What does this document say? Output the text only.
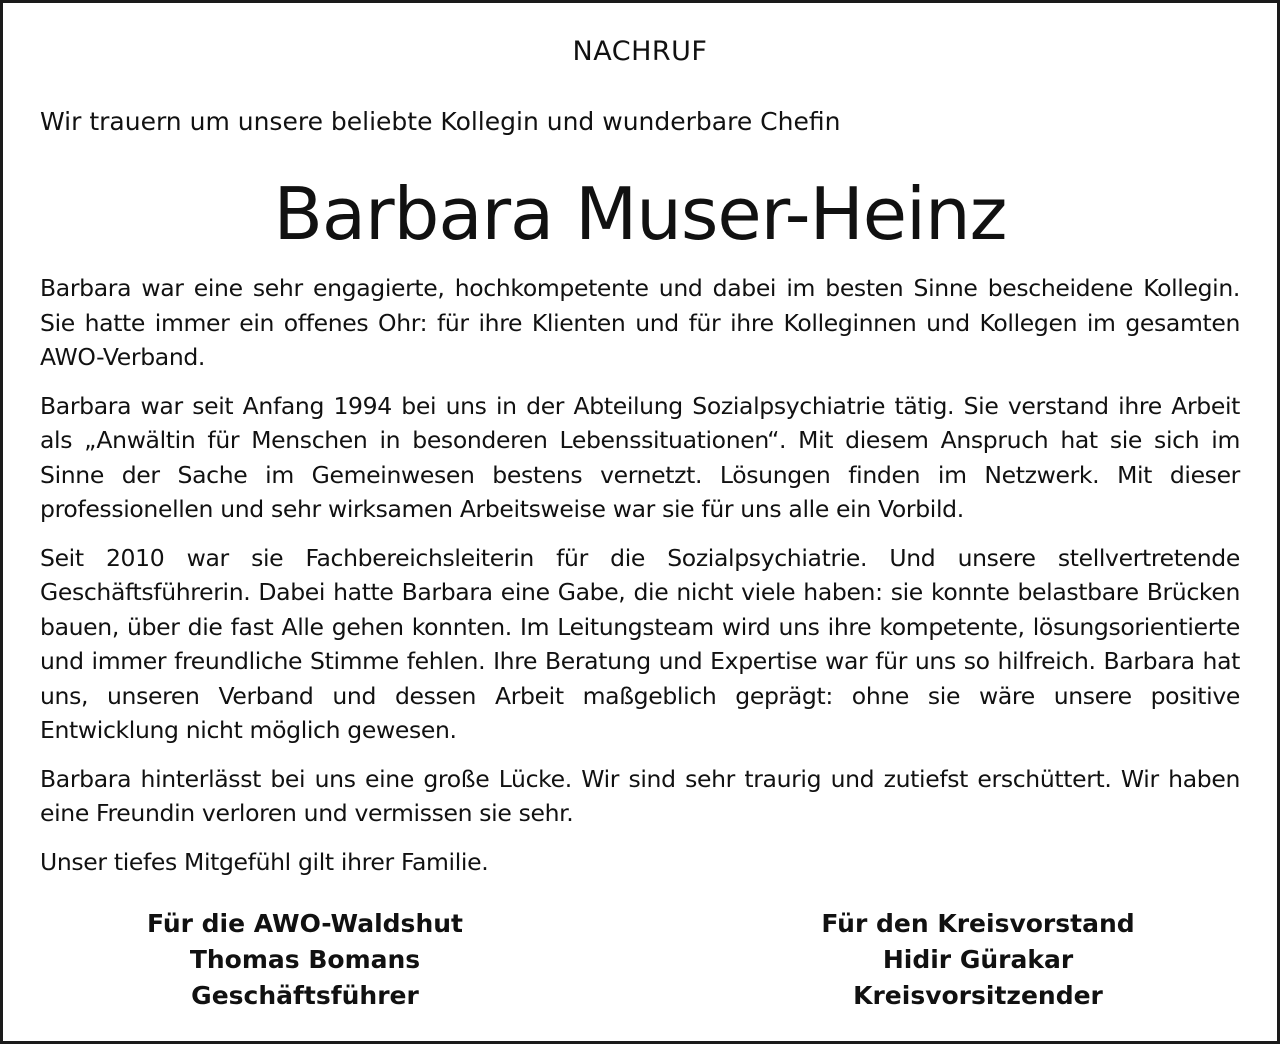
NACHRUF
Wir trauern um unsere beliebte Kollegin und wunderbare Chefin
Barbara Muser-Heinz

Barbara war eine sehr engagierte, hochkompetente und dabei im besten Sinne bescheidene Kollegin. Sie hatte immer ein offenes Ohr: für ihre Klienten und für ihre Kolleginnen und Kollegen im gesamten AWO-Verband.

Barbara war seit Anfang 1994 bei uns in der Abteilung Sozialpsychiatrie tätig. Sie verstand ihre Arbeit als „Anwältin für Menschen in besonderen Lebenssituationen“. Mit diesem Anspruch hat sie sich im Sinne der Sache im Gemeinwesen bestens vernetzt. Lösungen finden im Netzwerk. Mit dieser professionellen und sehr wirksamen Arbeitsweise war sie für uns alle ein Vorbild.

Seit 2010 war sie Fachbereichsleiterin für die Sozialpsychiatrie. Und unsere stellvertretende Geschäftsführerin. Dabei hatte Barbara eine Gabe, die nicht viele haben: sie konnte belastbare Brücken bauen, über die fast Alle gehen konnten. Im Leitungsteam wird uns ihre kompetente, lösungsorientierte und immer freundliche Stimme fehlen. Ihre Beratung und Expertise war für uns so hilfreich. Barbara hat uns, unseren Verband und dessen Arbeit maßgeblich geprägt: ohne sie wäre unsere positive Entwicklung nicht möglich gewesen.

Barbara hinterlässt bei uns eine große Lücke. Wir sind sehr traurig und zutiefst erschüttert. Wir haben eine Freundin verloren und vermissen sie sehr.

Unser tiefes Mitgefühl gilt ihrer Familie.

Für die AWO-Waldshut
Thomas Bomans
Geschäftsführer
Für den Kreisvorstand
Hidir Gürakar
Kreisvorsitzender
